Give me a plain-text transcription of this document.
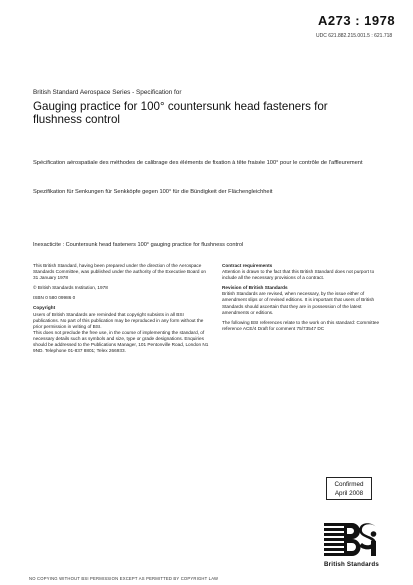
A273 : 1978
UDC 621.882.215.001.5 : 621.718
British Standard Aerospace Series - Specification for
Gauging practice for 100° countersunk head fasteners for flushness control
Spécification aérospatiale des méthodes de calibrage des éléments de fixation à tête fraisée 100° pour le contrôle de l'affleurement
Spezifikation für Senkungen für Senkköpfe gegen 100° für die Bündigkeit der Flächengleichheit
Inexacticite : Countersunk head fasteners 100° gauging practice for flushness control
This British Standard, having been prepared under the direction of the Aerospace Standards Committee, was published under the authority of the Executive Board on 31 January 1978
© British Standards Institution, 1978
ISBN 0 580 09986 0
Copyright
Users of British Standards are reminded that copyright subsists in all BSI publications. No part of this publication may be reproduced in any form without the prior permission in writing of BSI.
This does not preclude the free use, in the course of implementing the standard, of necessary details such as symbols and size, type or grade designations. Enquiries should be addressed to the Publications Manager, 101 Pentonville Road, London N1 9ND. Telephone 01-837 8801; Telex 266933.
Contract requirements
Attention is drawn to the fact that this British Standard does not purport to include all the necessary provisions of a contract.
Revision of British Standards
British Standards are revised, when necessary, by the issue either of amendment slips or of revised editions. It is important that users of British Standards should ascertain that they are in possession of the latest amendments or editions.
The following BSI references relate to the work on this standard: Committee reference ACE/4 Draft for comment 75/73547 DC
Confirmed
April 2008
British Standards
NO COPYING WITHOUT BSI PERMISSION EXCEPT AS PERMITTED BY COPYRIGHT LAW
